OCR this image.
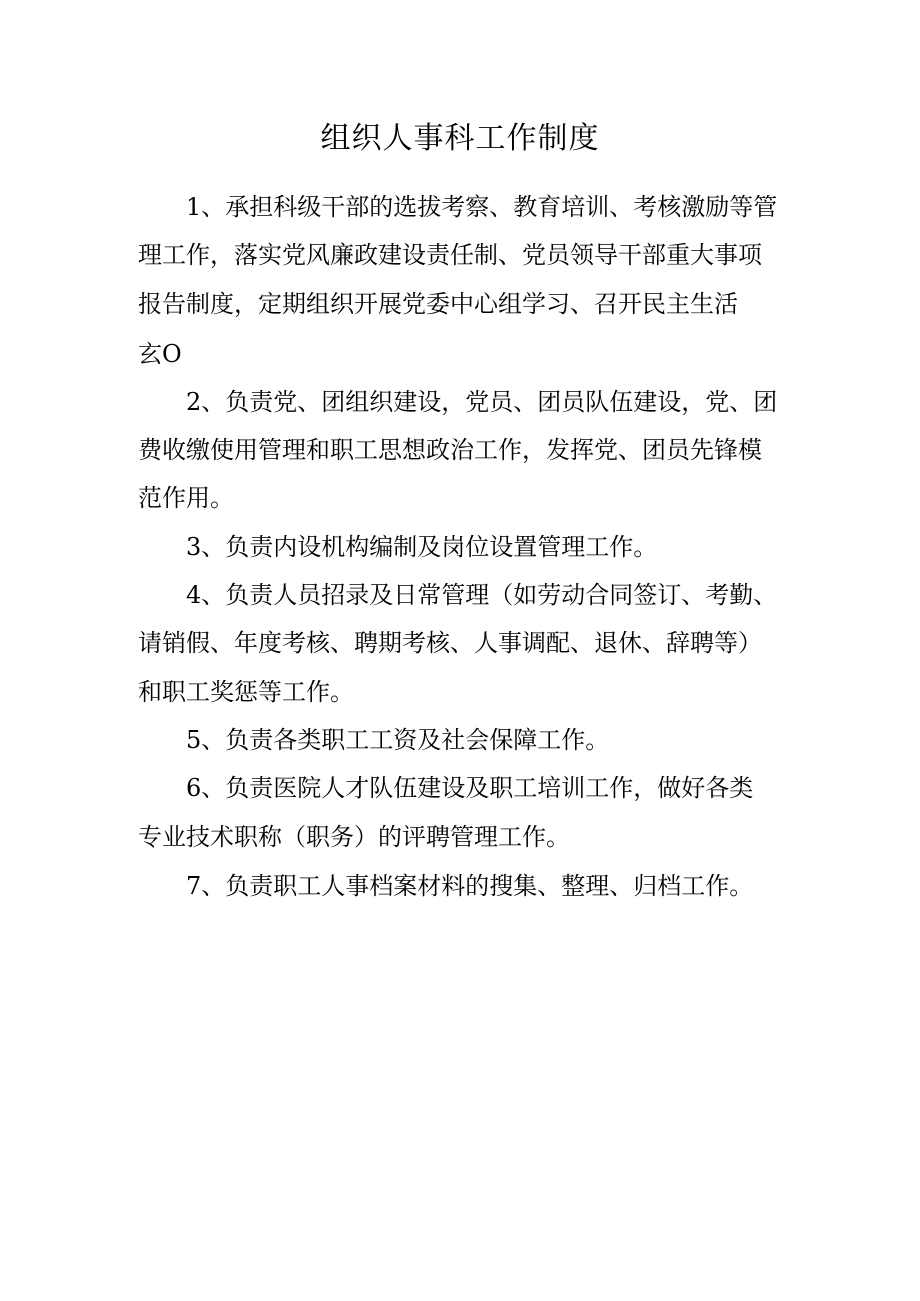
组织人事科工作制度
1、承担科级干部的选拔考察、教育培训、考核激励等管
理工作，落实党风廉政建设责任制、党员领导干部重大事项
报告制度，定期组织开展党委中心组学习、召开民主生活
玄O
2、负责党、团组织建设，党员、团员队伍建设，党、团
费收缴使用管理和职工思想政治工作，发挥党、团员先锋模
范作用。
3、负责内设机构编制及岗位设置管理工作。
4、负责人员招录及日常管理（如劳动合同签订、考勤、
请销假、年度考核、聘期考核、人事调配、退休、辞聘等）
和职工奖惩等工作。
5、负责各类职工工资及社会保障工作。
6、负责医院人才队伍建设及职工培训工作，做好各类
专业技术职称（职务）的评聘管理工作。
7、负责职工人事档案材料的搜集、整理、归档工作。
